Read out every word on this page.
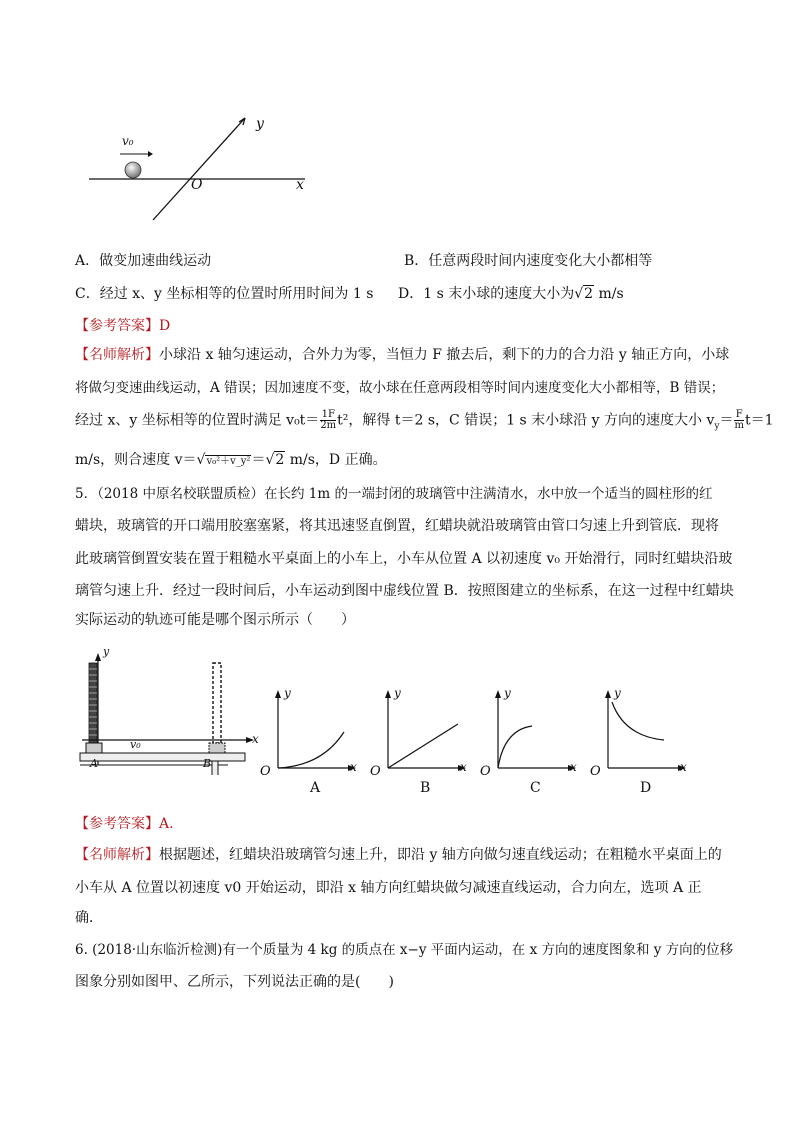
v₀
y
x
O
A．做变加速曲线运动	B．任意两段时间内速度变化大小都相等
C．经过 x、y 坐标相等的位置时所用时间为 1 s D．1 s 末小球的速度大小为√2 m/s
【参考答案】D
【名师解析】小球沿 x 轴匀速运动，合外力为零，当恒力 F 撤去后，剩下的力的合力沿 y 轴正方向，小球
将做匀变速曲线运动，A 错误；因加速度不变，故小球在任意两段相等时间内速度变化大小都相等，B 错误；
经过 x、y 坐标相等的位置时满足 $v_0t= \frac{1F}{2m} t^2$，解得 t＝2 s，C 错误；1 s 末小球沿 y 方向的速度大小 $v_y= \frac{F}{m} t=1$
m/s，则合速度 v＝√v₀²＋v_y²＝√2 m/s，D 正确。
5．（2018 中原名校联盟质检）在长约 1m 的一端封闭的玻璃管中注满清水，水中放一个适当的圆柱形的红
蜡块，玻璃管的开口端用胶塞塞紧，将其迅速竖直倒置，红蜡块就沿玻璃管由管口匀速上升到管底．现将
此玻璃管倒置安装在置于粗糙水平桌面上的小车上，小车从位置 A 以初速度 v₀ 开始滑行，同时红蜡块沿玻
璃管匀速上升．经过一段时间后，小车运动到图中虚线位置 B．按照图建立的坐标系，在这一过程中红蜡块
实际运动的轨迹可能是哪个图示所示（　　）
y
x
v₀
A	B
y
x
O
A
y
x
O
B
y
x
O
C
y
x
O
D
【参考答案】A.
【名师解析】根据题述，红蜡块沿玻璃管匀速上升，即沿 y 轴方向做匀速直线运动；在粗糙水平桌面上的
小车从 A 位置以初速度 v0 开始运动，即沿 x 轴方向红蜡块做匀减速直线运动，合力向左，选项 A 正
确．
6. (2018·山东临沂检测)有一个质量为 4 kg 的质点在 x−y 平面内运动，在 x 方向的速度图象和 y 方向的位移
图象分别如图甲、乙所示，下列说法正确的是(　　)
